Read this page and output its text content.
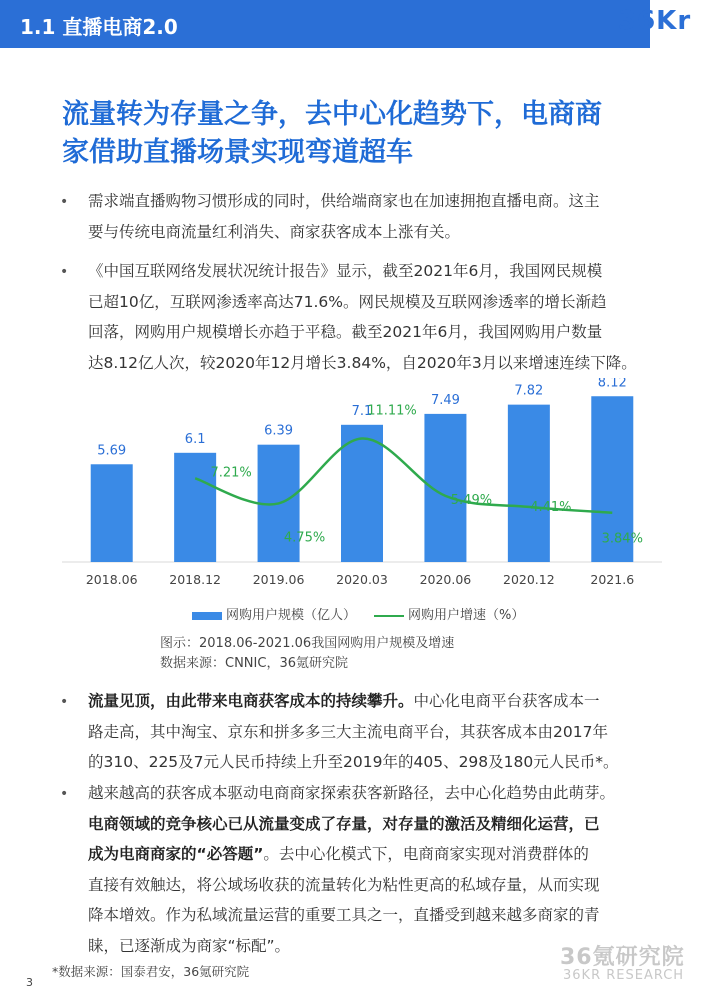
1.1 直播电商2.0	36Kr
流量转为存量之争，去中心化趋势下，电商商
家借助直播场景实现弯道超车
• 需求端直播购物习惯形成的同时，供给端商家也在加速拥抱直播电商。这主
要与传统电商流量红利消失、商家获客成本上涨有关。
• 《中国互联网络发展状况统计报告》显示，截至2021年6月，我国网民规模
已超10亿，互联网渗透率高达71.6%。网民规模及互联网渗透率的增长渐趋
回落，网购用户规模增长亦趋于平稳。截至2021年6月，我国网购用户数量
达8.12亿人次，较2020年12月增长3.84%，自2020年3月以来增速连续下降。
5.69
2018.06
6.1
2018.12
6.39
2019.06
7.1
2020.03
7.49
2020.06
7.82
2020.12
8.12
2021.6
7.21%
4.75%
11.11%
5.49%	4.41%
3.84%
网购用户规模（亿人）	网购用户增速（%）
图示：2018.06-2021.06我国网购用户规模及增速
数据来源：CNNIC，36氪研究院
• 流量见顶，由此带来电商获客成本的持续攀升。中心化电商平台获客成本一
路走高，其中淘宝、京东和拼多多三大主流电商平台，其获客成本由2017年
的310、225及7元人民币持续上升至2019年的405、298及180元人民币*。
• 越来越高的获客成本驱动电商商家探索获客新路径，去中心化趋势由此萌芽。
电商领域的竞争核心已从流量变成了存量，对存量的激活及精细化运营，已
成为电商商家的“必答题”。去中心化模式下，电商商家实现对消费群体的
直接有效触达，将公域场收获的流量转化为粘性更高的私域存量，从而实现
降本增效。作为私域流量运营的重要工具之一，直播受到越来越多商家的青
睐，已逐渐成为商家“标配”。	36氪研究院
36KR RESEARCH
*数据来源：国泰君安，36氪研究院
3
